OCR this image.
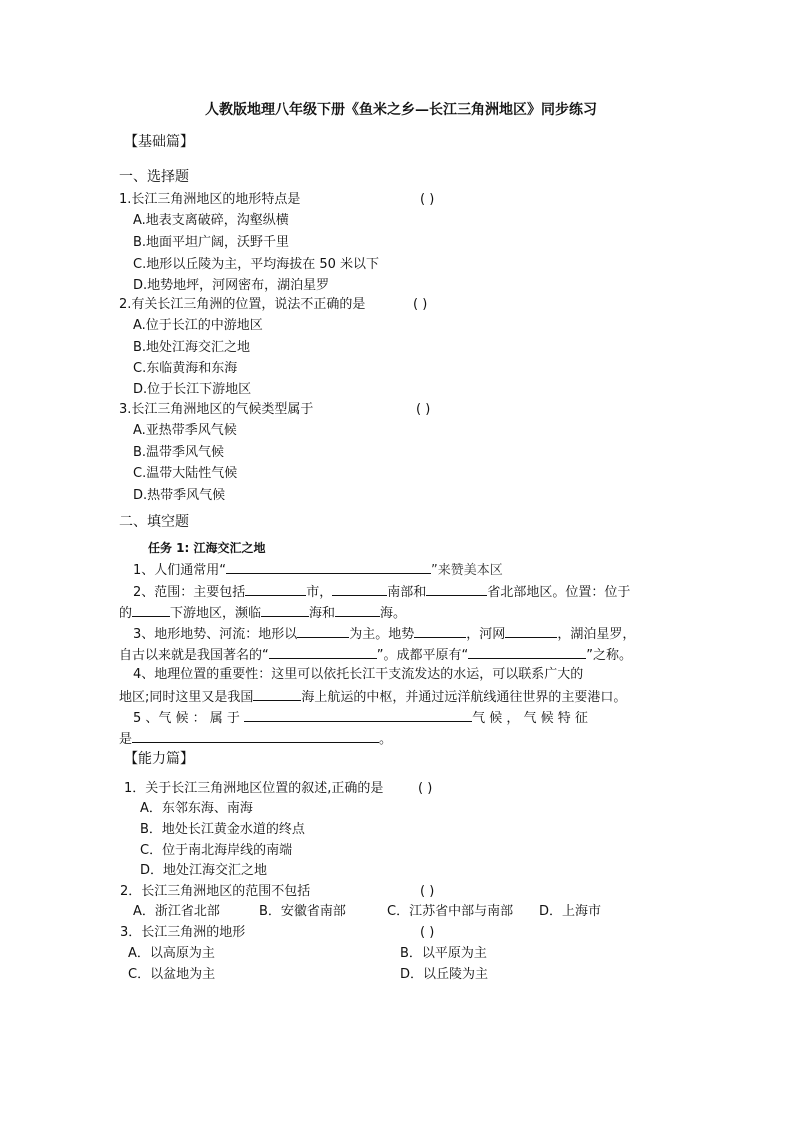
人教版地理八年级下册《鱼米之乡—长江三角洲地区》同步练习
【基础篇】
一、选择题
1.长江三角洲地区的地形特点是	( )
A.地表支离破碎，沟壑纵横
B.地面平坦广阔，沃野千里
C.地形以丘陵为主，平均海拔在 50 米以下
D.地势地坪，河网密布，湖泊星罗
2.有关长江三角洲的位置，说法不正确的是	( )
A.位于长江的中游地区
B.地处江海交汇之地
C.东临黄海和东海
D.位于长江下游地区
3.长江三角洲地区的气候类型属于	( )
A.亚热带季风气候
B.温带季风气候
C.温带大陆性气候
D.热带季风气候
二、填空题
任务 1: 江海交汇之地
1、人们通常用“	”来赞美本区
2、范围：主要包括	市，	南部和	省北部地区。位置：位于
的	下游地区，濒临	海和	海。
3、地形地势、河流：地形以	为主。地势	，河网	，湖泊星罗，
自古以来就是我国著名的“	”。成都平原有“	”之称。
4、地理位置的重要性：这里可以依托长江干支流发达的水运，可以联系广大的
地区;同时这里又是我国	海上航运的中枢，并通过远洋航线通往世界的主要港口。
5 、气 候 ： 属 于	气 候 ， 气 候 特 征
是	。
【能力篇】
1．关于长江三角洲地区位置的叙述,正确的是	( )
A．东邻东海、南海
B．地处长江黄金水道的终点
C．位于南北海岸线的南端
D．地处江海交汇之地
2．长江三角洲地区的范围不包括	( )
A．浙江省北部	B．安徽省南部	C．江苏省中部与南部 D．上海市
3．长江三角洲的地形	( )
A．以高原为主	B．以平原为主
C．以盆地为主	D．以丘陵为主
